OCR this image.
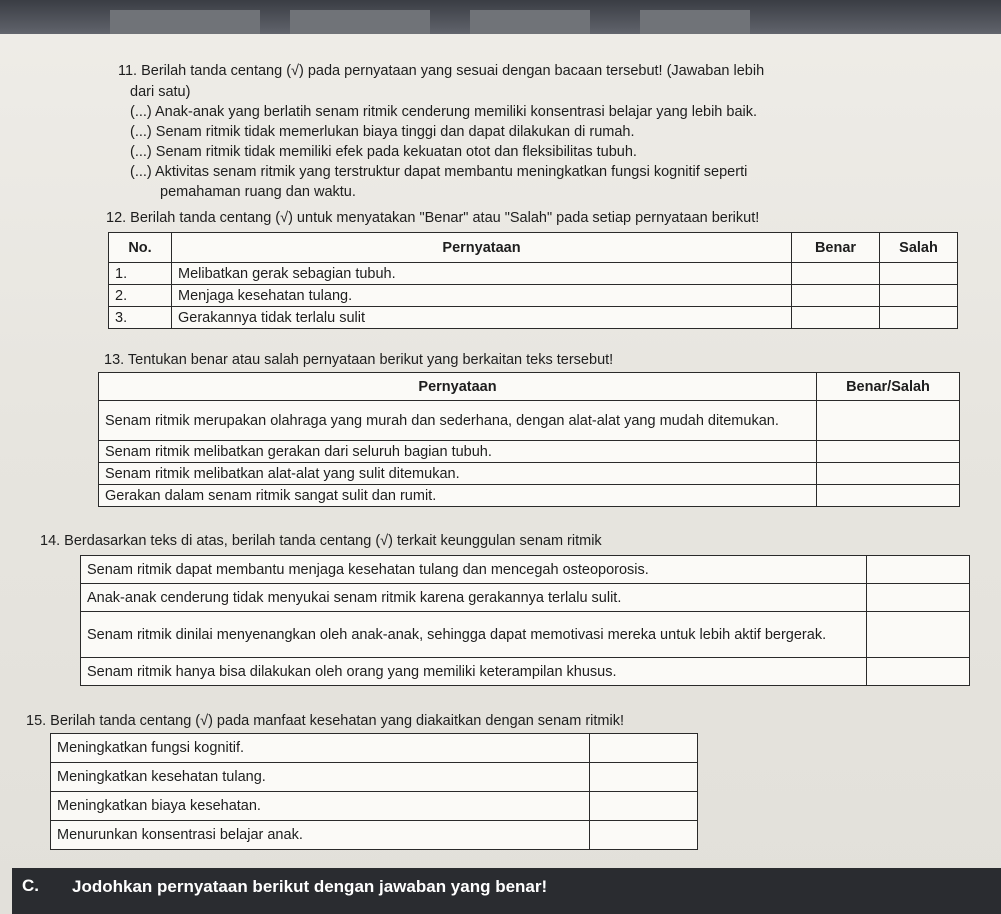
11. Berilah tanda centang (√) pada pernyataan yang sesuai dengan bacaan tersebut! (Jawaban lebih
dari satu)
(...) Anak-anak yang berlatih senam ritmik cenderung memiliki konsentrasi belajar yang lebih baik.
(...) Senam ritmik tidak memerlukan biaya tinggi dan dapat dilakukan di rumah.
(...) Senam ritmik tidak memiliki efek pada kekuatan otot dan fleksibilitas tubuh.
(...) Aktivitas senam ritmik yang terstruktur dapat membantu meningkatkan fungsi kognitif seperti
pemahaman ruang dan waktu.
12. Berilah tanda centang (√) untuk menyatakan "Benar" atau "Salah" pada setiap pernyataan berikut!
No.	Pernyataan	Benar	Salah
1.	Melibatkan gerak sebagian tubuh.		
2.	Menjaga kesehatan tulang.		
3.	Gerakannya tidak terlalu sulit		
13. Tentukan benar atau salah pernyataan berikut yang berkaitan teks tersebut!
Pernyataan	Benar/Salah
Senam ritmik merupakan olahraga yang murah dan sederhana, dengan alat-alat yang mudah ditemukan.	
Senam ritmik melibatkan gerakan dari seluruh bagian tubuh.	
Senam ritmik melibatkan alat-alat yang sulit ditemukan.	
Gerakan dalam senam ritmik sangat sulit dan rumit.	
14. Berdasarkan teks di atas, berilah tanda centang (√) terkait keunggulan senam ritmik
Senam ritmik dapat membantu menjaga kesehatan tulang dan mencegah osteoporosis.	
Anak-anak cenderung tidak menyukai senam ritmik karena gerakannya terlalu sulit.	
Senam ritmik dinilai menyenangkan oleh anak-anak, sehingga dapat memotivasi mereka untuk lebih aktif bergerak.	
Senam ritmik hanya bisa dilakukan oleh orang yang memiliki keterampilan khusus.	
15. Berilah tanda centang (√) pada manfaat kesehatan yang diakaitkan dengan senam ritmik!
Meningkatkan fungsi kognitif.	
Meningkatkan kesehatan tulang.	
Meningkatkan biaya kesehatan.	
Menurunkan konsentrasi belajar anak.	
C. Jodohkan pernyataan berikut dengan jawaban yang benar!
